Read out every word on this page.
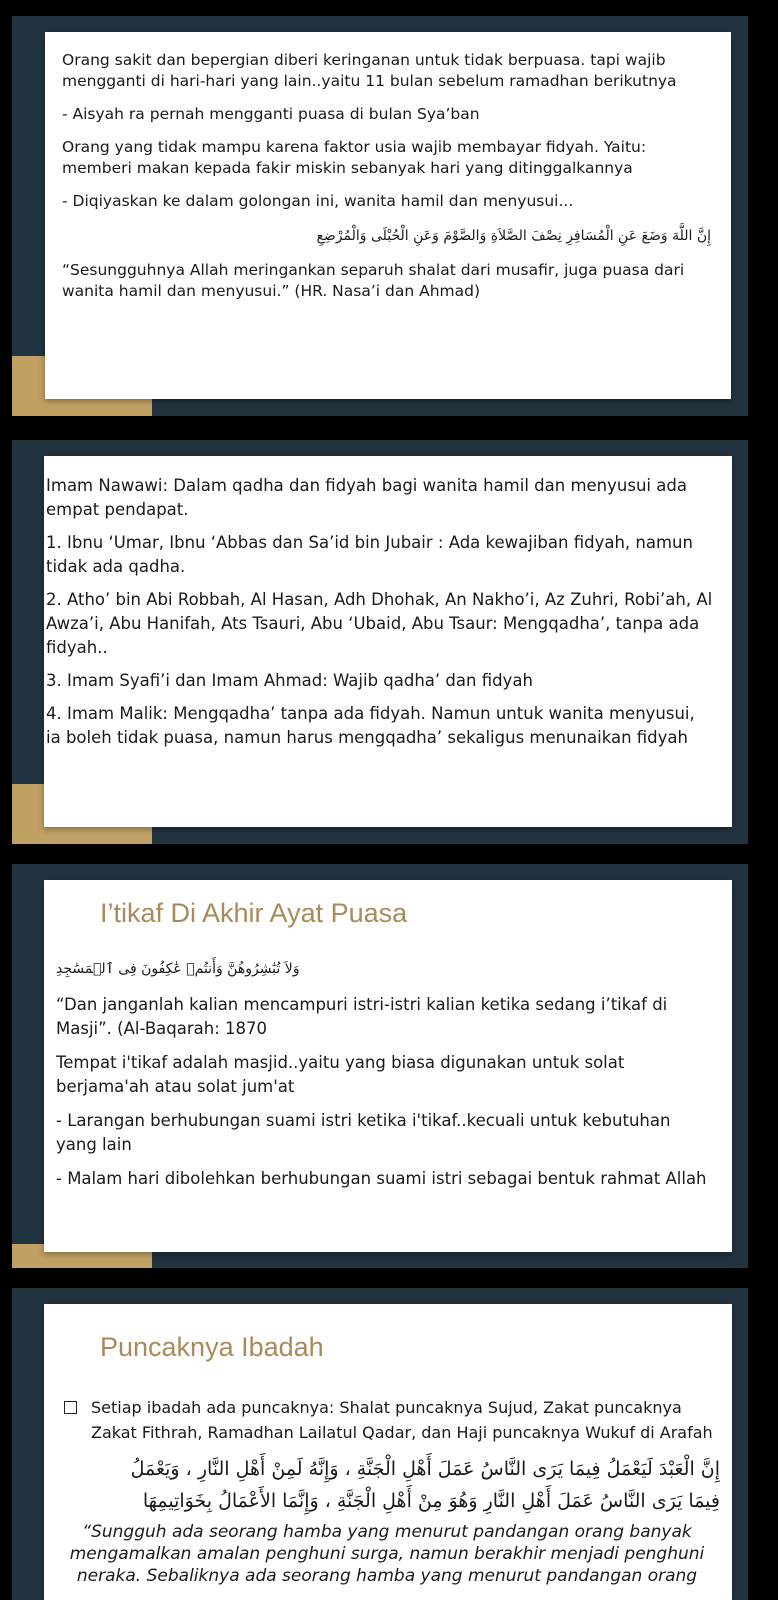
Orang sakit dan bepergian diberi keringanan untuk tidak berpuasa. tapi wajib mengganti di hari-hari yang lain..yaitu 11 bulan sebelum ramadhan berikutnya

- Aisyah ra pernah mengganti puasa di bulan Sya’ban

Orang yang tidak mampu karena faktor usia wajib membayar fidyah. Yaitu: memberi makan kepada fakir miskin sebanyak hari yang ditinggalkannya

- Diqiyaskan ke dalam golongan ini, wanita hamil dan menyusui...

إِنَّ اللَّهَ وَضَعَ عَنِ الْمُسَافِرِ نِصْفَ الصَّلاَةِ وَالصَّوْمَ وَعَنِ الْحُبْلَى وَالْمُرْضِعِ

“Sesungguhnya Allah meringankan separuh shalat dari musafir, juga puasa dari wanita hamil dan menyusui.” (HR. Nasa’i dan Ahmad)

Imam Nawawi: Dalam qadha dan fidyah bagi wanita hamil dan menyusui ada empat pendapat.

1. Ibnu ‘Umar, Ibnu ‘Abbas dan Sa’id bin Jubair : Ada kewajiban fidyah, namun tidak ada qadha.

2. Atho’ bin Abi Robbah, Al Hasan, Adh Dhohak, An Nakho’i, Az Zuhri, Robi’ah, Al Awza’i, Abu Hanifah, Ats Tsauri, Abu ‘Ubaid, Abu Tsaur: Mengqadha’, tanpa ada fidyah..

3. Imam Syafi’i dan Imam Ahmad: Wajib qadha’ dan fidyah

4. Imam Malik: Mengqadha’ tanpa ada fidyah. Namun untuk wanita menyusui, ia boleh tidak puasa, namun harus mengqadha’ sekaligus menunaikan fidyah

I’tikaf Di Akhir Ayat Puasa

وَلاَ تُبَٰشِرُوهُنَّ وَأَنتُمۡ عَٰكِفُونَ فِى ٱلۡمَسَٰجِدِ

“Dan janganlah kalian mencampuri istri-istri kalian ketika sedang i’tikaf di Masji”. (Al-Baqarah: 1870

Tempat i'tikaf adalah masjid..yaitu yang biasa digunakan untuk solat berjama'ah atau solat jum'at

- Larangan berhubungan suami istri ketika i'tikaf..kecuali untuk kebutuhan yang lain

- Malam hari dibolehkan berhubungan suami istri sebagai bentuk rahmat Allah

Puncaknya Ibadah

Setiap ibadah ada puncaknya: Shalat puncaknya Sujud, Zakat puncaknya Zakat Fithrah, Ramadhan Lailatul Qadar, dan Haji puncaknya Wukuf di Arafah

إِنَّ الْعَبْدَ لَيَعْمَلُ فِيمَا يَرَى النَّاسُ عَمَلَ أَهْلِ الْجَنَّةِ ، وَإِنَّهُ لَمِنْ أَهْلِ النَّارِ ، وَيَعْمَلُ

فِيمَا يَرَى النَّاسُ عَمَلَ أَهْلِ النَّارِ وَهُوَ مِنْ أَهْلِ الْجَنَّةِ ، وَإِنَّمَا الأَعْمَالُ بِخَوَاتِيمِهَا

“Sungguh ada seorang hamba yang menurut pandangan orang banyak mengamalkan amalan penghuni surga, namun berakhir menjadi penghuni neraka. Sebaliknya ada seorang hamba yang menurut pandangan orang
